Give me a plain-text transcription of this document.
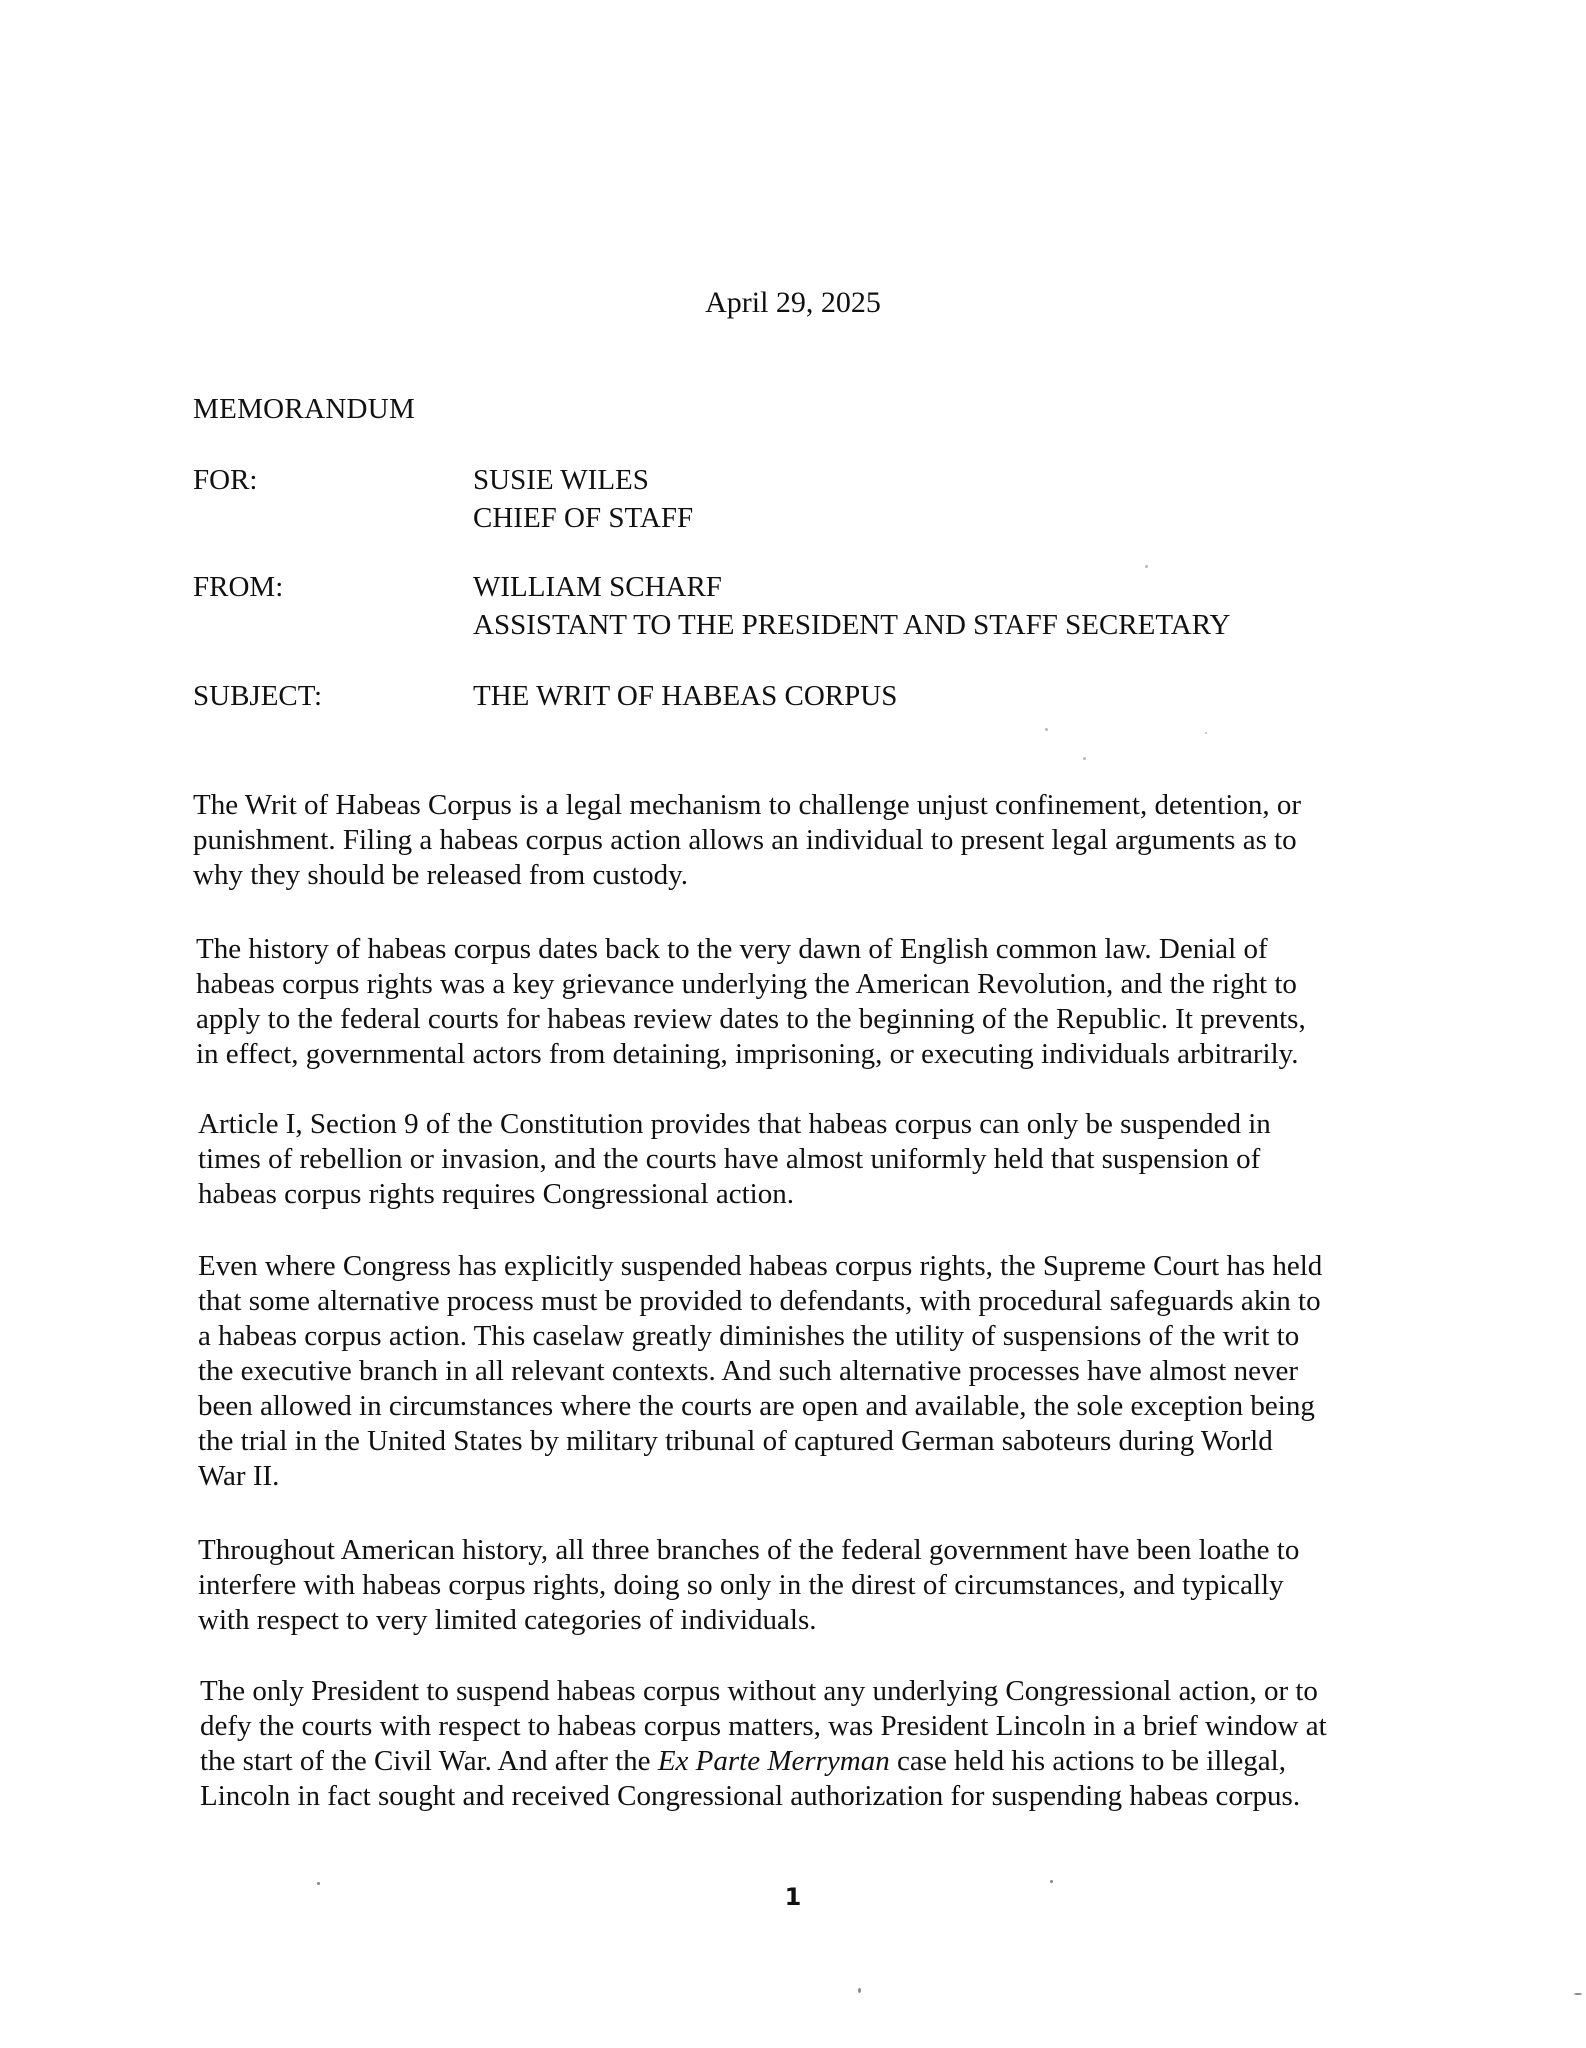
April 29, 2025
MEMORANDUM
FOR:	SUSIE WILES
CHIEF OF STAFF
FROM:	WILLIAM SCHARF
ASSISTANT TO THE PRESIDENT AND STAFF SECRETARY
SUBJECT:	THE WRIT OF HABEAS CORPUS
The Writ of Habeas Corpus is a legal mechanism to challenge unjust confinement, detention, or
punishment. Filing a habeas corpus action allows an individual to present legal arguments as to
why they should be released from custody.
The history of habeas corpus dates back to the very dawn of English common law. Denial of
habeas corpus rights was a key grievance underlying the American Revolution, and the right to
apply to the federal courts for habeas review dates to the beginning of the Republic. It prevents,
in effect, governmental actors from detaining, imprisoning, or executing individuals arbitrarily.
Article I, Section 9 of the Constitution provides that habeas corpus can only be suspended in
times of rebellion or invasion, and the courts have almost uniformly held that suspension of
habeas corpus rights requires Congressional action.
Even where Congress has explicitly suspended habeas corpus rights, the Supreme Court has held
that some alternative process must be provided to defendants, with procedural safeguards akin to
a habeas corpus action. This caselaw greatly diminishes the utility of suspensions of the writ to
the executive branch in all relevant contexts. And such alternative processes have almost never
been allowed in circumstances where the courts are open and available, the sole exception being
the trial in the United States by military tribunal of captured German saboteurs during World
War II.
Throughout American history, all three branches of the federal government have been loathe to
interfere with habeas corpus rights, doing so only in the direst of circumstances, and typically
with respect to very limited categories of individuals.
The only President to suspend habeas corpus without any underlying Congressional action, or to
defy the courts with respect to habeas corpus matters, was President Lincoln in a brief window at
the start of the Civil War. And after the Ex Parte Merryman case held his actions to be illegal,
Lincoln in fact sought and received Congressional authorization for suspending habeas corpus.
1
